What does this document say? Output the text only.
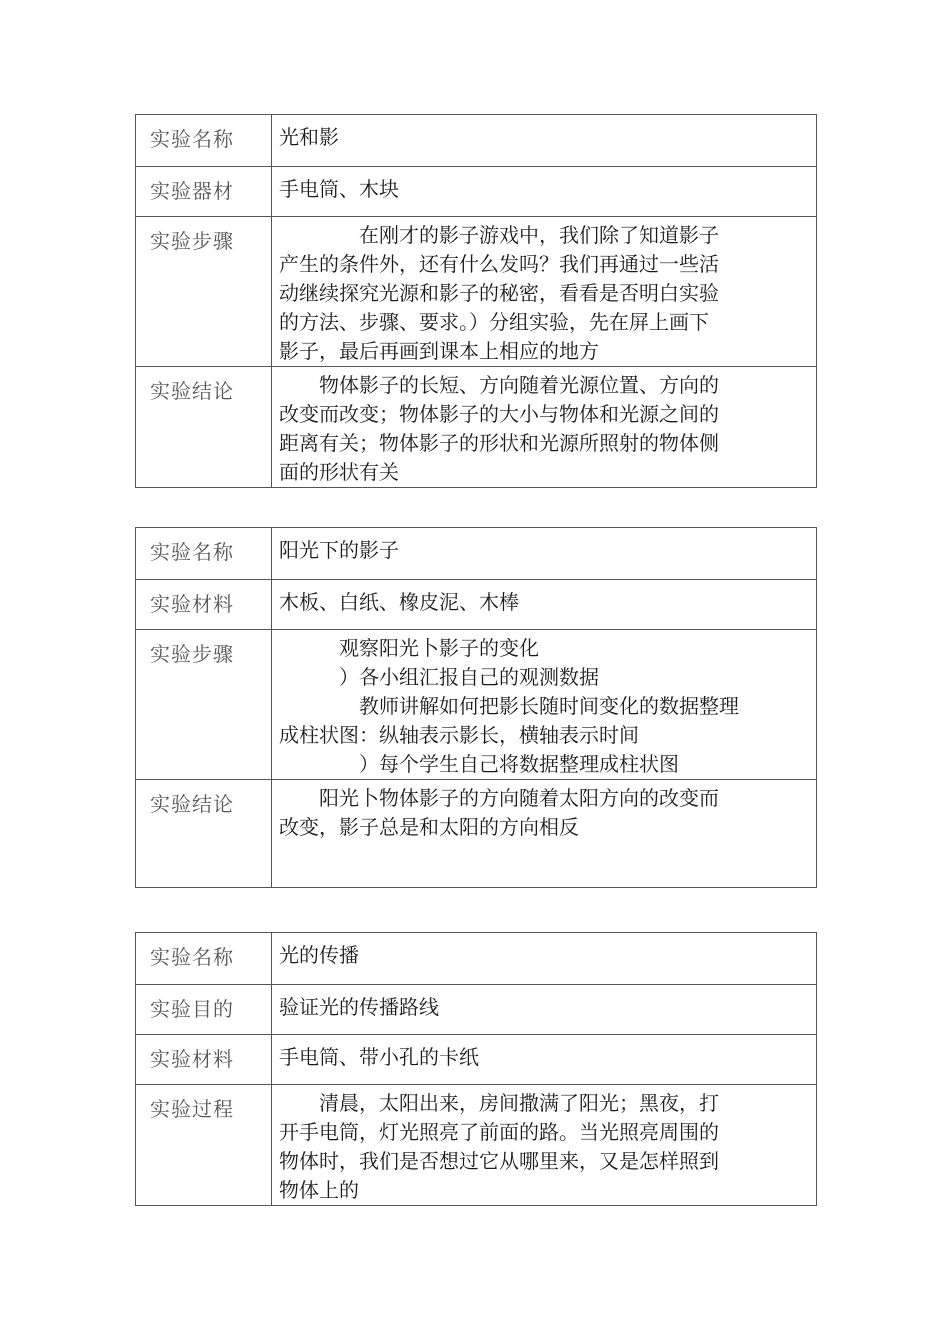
实验名称	光和影
实验器材	手电筒、木块
实验步骤	　　　　在刚才的影子游戏中，我们除了知道影子
产生的条件外，还有什么发吗？我们再通过一些活
动继续探究光源和影子的秘密，看看是否明白实验
的方法、步骤、要求。）分组实验，先在屏上画下
影子，最后再画到课本上相应的地方

实验结论	　　物体影子的长短、方向随着光源位置、方向的
改变而改变；物体影子的大小与物体和光源之间的
距离有关；物体影子的形状和光源所照射的物体侧
面的形状有关
实验名称	阳光下的影子
实验材料	木板、白纸、橡皮泥、木棒
实验步骤	　　　观察阳光卜影子的变化
　　　）各小组汇报自己的观测数据
　　　　教师讲解如何把影长随时间变化的数据整理
成柱状图：纵轴表示影长，横轴表示时间
　　　　）每个学生自己将数据整理成柱状图

实验结论	　　阳光卜物体影子的方向随着太阳方向的改变而
改变，影子总是和太阳的方向相反
实验名称	光的传播
实验目的	验证光的传播路线
实验材料	手电筒、带小孔的卡纸
实验过程	　　清晨，太阳出来，房间撒满了阳光；黑夜，打
开手电筒，灯光照亮了前面的路。当光照亮周围的
物体时，我们是否想过它从哪里来，又是怎样照到
物体上的
